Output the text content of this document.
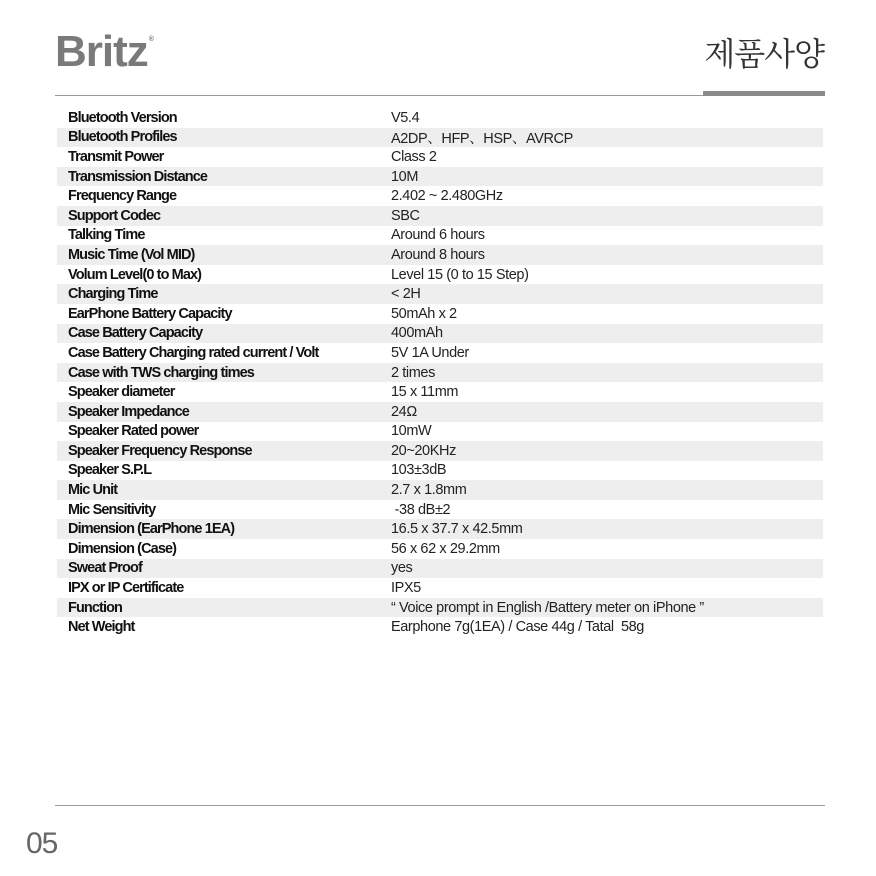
Britz®	제품사양
Bluetooth Version	V5.4
Bluetooth Profiles	A2DP、HFP、HSP、AVRCP
Transmit Power	Class 2
Transmission Distance	10M
Frequency Range	2.402 ~ 2.480GHz
Support Codec	SBC
Talking Time	Around 6 hours
Music Time (Vol MID)	Around 8 hours
Volum Level(0 to Max)	Level 15 (0 to 15 Step)
Charging Time	< 2H
EarPhone Battery Capacity	50mAh x 2
Case Battery Capacity	400mAh
Case Battery Charging rated current / Volt	5V 1A Under
Case with TWS charging times	2 times
Speaker diameter	15 x 11mm
Speaker Impedance	24Ω
Speaker Rated power	10mW
Speaker Frequency Response	20~20KHz
Speaker S.P.L	103±3dB
Mic Unit	2.7 x 1.8mm
Mic Sensitivity	-38 dB±2
Dimension (EarPhone 1EA)	16.5 x 37.7 x 42.5mm
Dimension (Case)	56 x 62 x 29.2mm
Sweat Proof	yes
IPX or IP Certificate	IPX5
Function	“ Voice prompt in English /Battery meter on iPhone ”
Net Weight	Earphone 7g(1EA) / Case 44g / Tatal  58g
05
